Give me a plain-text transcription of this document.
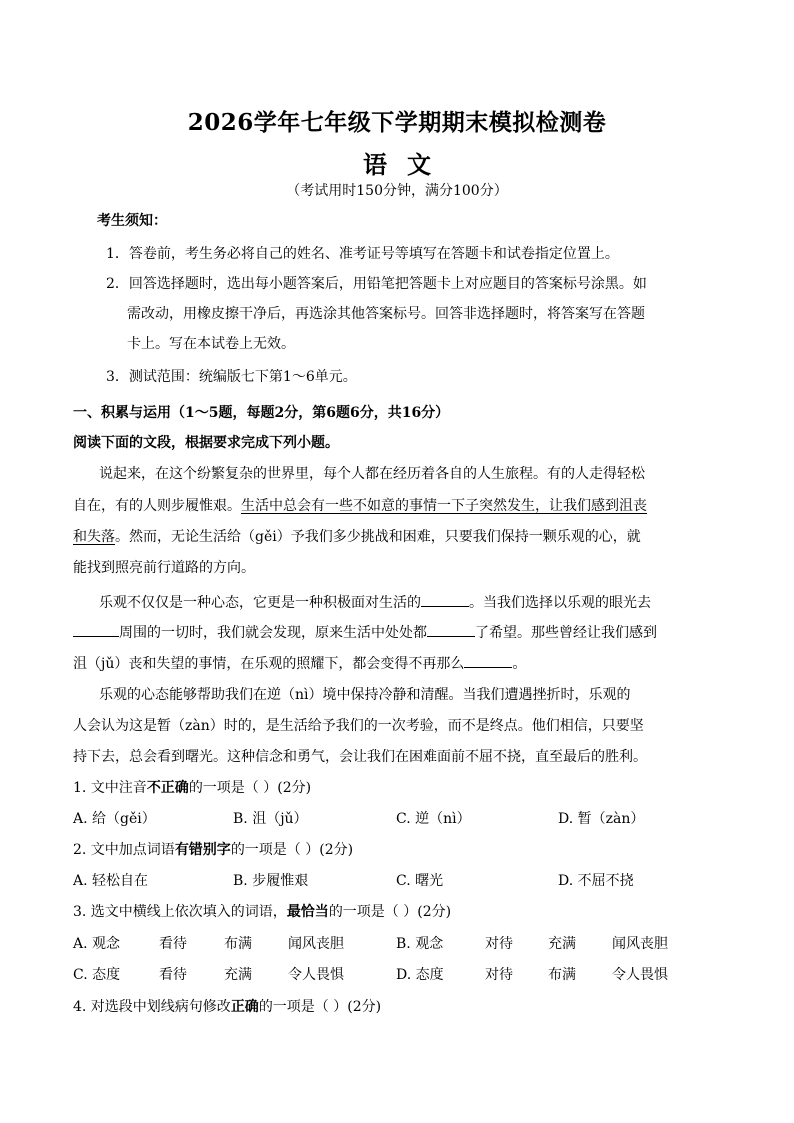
2026学年七年级下学期期末模拟检测卷
语文
（考试用时150分钟，满分100分）
考生须知：
1．答卷前，考生务必将自己的姓名、准考证号等填写在答题卡和试卷指定位置上。
2．回答选择题时，选出每小题答案后，用铅笔把答题卡上对应题目的答案标号涂黑。如
需改动，用橡皮擦干净后，再选涂其他答案标号。回答非选择题时，将答案写在答题
卡上。写在本试卷上无效。
3．测试范围：统编版七下第1～6单元。
一、积累与运用（1～5题，每题2分，第6题6分，共16分）
阅读下面的文段，根据要求完成下列小题。
说起来，在这个纷繁复杂的世界里，每个人都在经历着各自的人生旅程。有的人走得轻松
自在，有的人则步履惟艰。生活中总会有一些不如意的事情一下子突然发生，让我们感到沮丧
和失落。然而，无论生活给（gěi）予我们多少挑战和困难，只要我们保持一颗乐观的心，就
能找到照亮前行道路的方向。
乐观不仅仅是一种心态，它更是一种积极面对生活的	。当我们选择以乐观的眼光去
周围的一切时，我们就会发现，原来生活中处处都	了希望。那些曾经让我们感到
沮（jǔ）丧和失望的事情，在乐观的照耀下，都会变得不再那么	。
乐观的心态能够帮助我们在逆（nì）境中保持冷静和清醒。当我们遭遇挫折时，乐观的
人会认为这是暂（zàn）时的，是生活给予我们的一次考验，而不是终点。他们相信，只要坚
持下去，总会看到曙光。这种信念和勇气，会让我们在困难面前不屈不挠，直至最后的胜利。
1. 文中注音不正确的一项是（ ）(2分)
A. 给（gěi）	B. 沮（jǔ）	C. 逆（nì）	D. 暂（zàn）
2. 文中加点词语有错别字的一项是（ ）(2分)
A. 轻松自在	B. 步履惟艰	C. 曙光	D. 不屈不挠
3. 选文中横线上依次填入的词语，最恰当的一项是（ ）(2分)
A. 观念	看待	布满	闻风丧胆	B. 观念	对待	充满	闻风丧胆
C. 态度	看待	充满	令人畏惧	D. 态度	对待	布满	令人畏惧
4. 对选段中划线病句修改正确的一项是（ ）(2分)
